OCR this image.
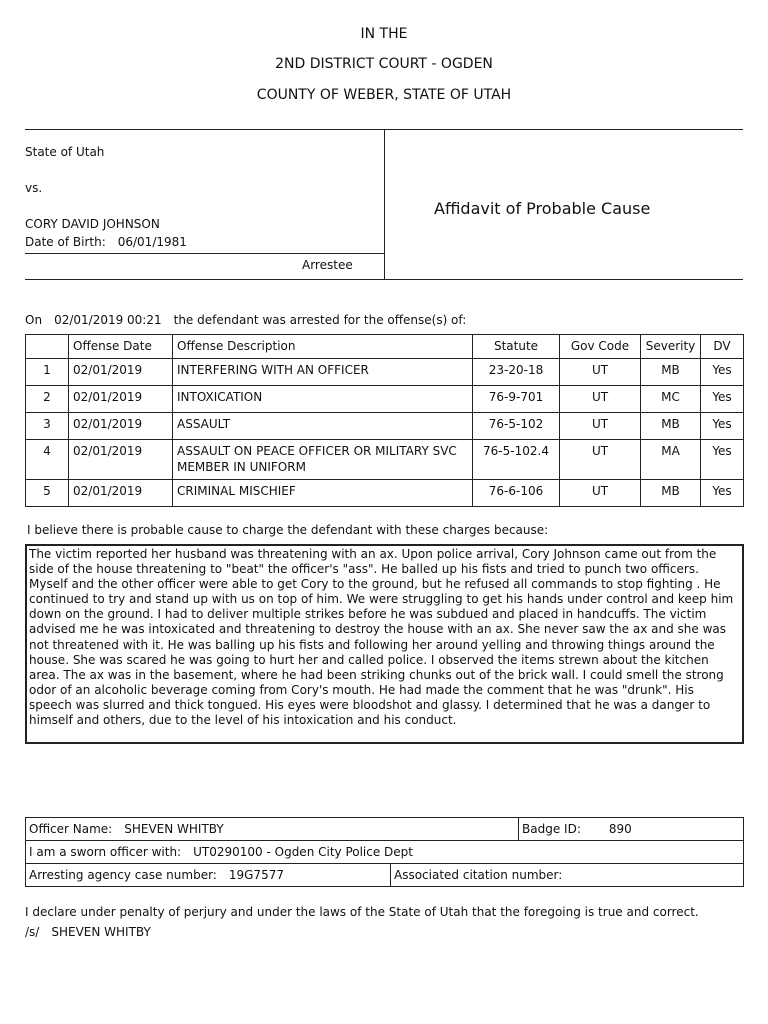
IN THE
2ND DISTRICT COURT - OGDEN
COUNTY OF WEBER, STATE OF UTAH
State of Utah
vs.
CORY DAVID JOHNSON
Date of Birth: 06/01/1981
Arrestee
Affidavit of Probable Cause
On 02/01/2019 00:21 the defendant was arrested for the offense(s) of:
	Offense Date	Offense Description	Statute	Gov Code	Severity	DV
1	02/01/2019	INTERFERING WITH AN OFFICER	23-20-18	UT	MB	Yes
2	02/01/2019	INTOXICATION	76-9-701	UT	MC	Yes
3	02/01/2019	ASSAULT	76-5-102	UT	MB	Yes
4	02/01/2019	ASSAULT ON PEACE OFFICER OR MILITARY SVC MEMBER IN UNIFORM	76-5-102.4	UT	MA	Yes
5	02/01/2019	CRIMINAL MISCHIEF	76-6-106	UT	MB	Yes
I believe there is probable cause to charge the defendant with these charges because:
The victim reported her husband was threatening with an ax. Upon police arrival, Cory Johnson came out from the side of the house threatening to "beat" the officer's "ass". He balled up his fists and tried to punch two officers. Myself and the other officer were able to get Cory to the ground, but he refused all commands to stop fighting . He continued to try and stand up with us on top of him. We were struggling to get his hands under control and keep him down on the ground. I had to deliver multiple strikes before he was subdued and placed in handcuffs. The victim advised me he was intoxicated and threatening to destroy the house with an ax. She never saw the ax and she was not threatened with it. He was balling up his fists and following her around yelling and throwing things around the house. She was scared he was going to hurt her and called police. I observed the items strewn about the kitchen area. The ax was in the basement, where he had been striking chunks out of the brick wall. I could smell the strong odor of an alcoholic beverage coming from Cory's mouth. He had made the comment that he was "drunk". His speech was slurred and thick tongued. His eyes were bloodshot and glassy. I determined that he was a danger to himself and others, due to the level of his intoxication and his conduct.
Officer Name: SHEVEN WHITBY		Badge ID: 890
I am a sworn officer with: UT0290100 - Ogden City Police Dept		
Arresting agency case number: 19G7577	Associated citation number:	
I declare under penalty of perjury and under the laws of the State of Utah that the foregoing is true and correct.
/s/ SHEVEN WHITBY
